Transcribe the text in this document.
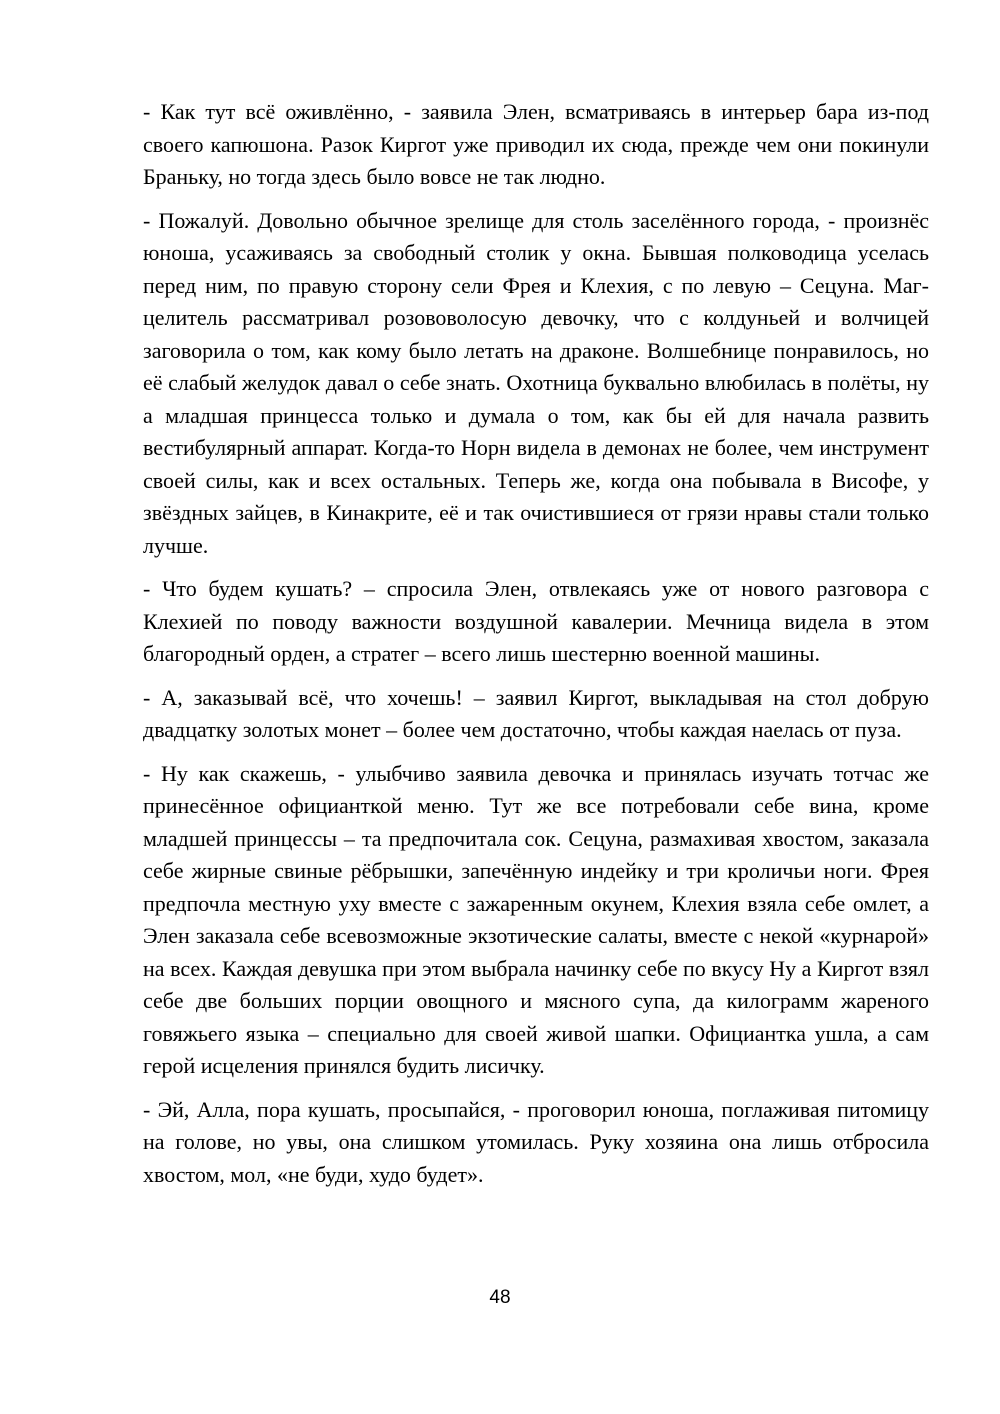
- Как тут всё оживлённо, - заявила Элен, всматриваясь в интерьер бара из-под своего капюшона. Разок Киргот уже приводил их сюда, прежде чем они покинули Браньку, но тогда здесь было вовсе не так людно.

- Пожалуй. Довольно обычное зрелище для столь заселённого города, - произнёс юноша, усаживаясь за свободный столик у окна. Бывшая полководица уселась перед ним, по правую сторону сели Фрея и Клехия, с по левую – Сецуна. Маг-целитель рассматривал розововолосую девочку, что с колдуньей и волчицей заговорила о том, как кому было летать на драконе. Волшебнице понравилось, но её слабый желудок давал о себе знать. Охотница буквально влюбилась в полёты, ну а младшая принцесса только и думала о том, как бы ей для начала развить вестибулярный аппарат. Когда-то Норн видела в демонах не более, чем инструмент своей силы, как и всех остальных. Теперь же, когда она побывала в Висофе, у звёздных зайцев, в Кинакрите, её и так очистившиеся от грязи нравы стали только лучше.

- Что будем кушать? – спросила Элен, отвлекаясь уже от нового разговора с Клехией по поводу важности воздушной кавалерии. Мечница видела в этом благородный орден, а стратег – всего лишь шестерню военной машины.

- А, заказывай всё, что хочешь! – заявил Киргот, выкладывая на стол добрую двадцатку золотых монет – более чем достаточно, чтобы каждая наелась от пуза.

- Ну как скажешь, - улыбчиво заявила девочка и принялась изучать тотчас же принесённое официанткой меню. Тут же все потребовали себе вина, кроме младшей принцессы – та предпочитала сок. Сецуна, размахивая хвостом, заказала себе жирные свиные рёбрышки, запечённую индейку и три кроличьи ноги. Фрея предпочла местную уху вместе с зажаренным окунем, Клехия взяла себе омлет, а Элен заказала себе всевозможные экзотические салаты, вместе с некой «курнарой» на всех. Каждая девушка при этом выбрала начинку себе по вкусу Ну а Киргот взял себе две больших порции овощного и мясного супа, да килограмм жареного говяжьего языка – специально для своей живой шапки. Официантка ушла, а сам герой исцеления принялся будить лисичку.

- Эй, Алла, пора кушать, просыпайся, - проговорил юноша, поглаживая питомицу на голове, но увы, она слишком утомилась. Руку хозяина она лишь отбросила хвостом, мол, «не буди, худо будет».

48
